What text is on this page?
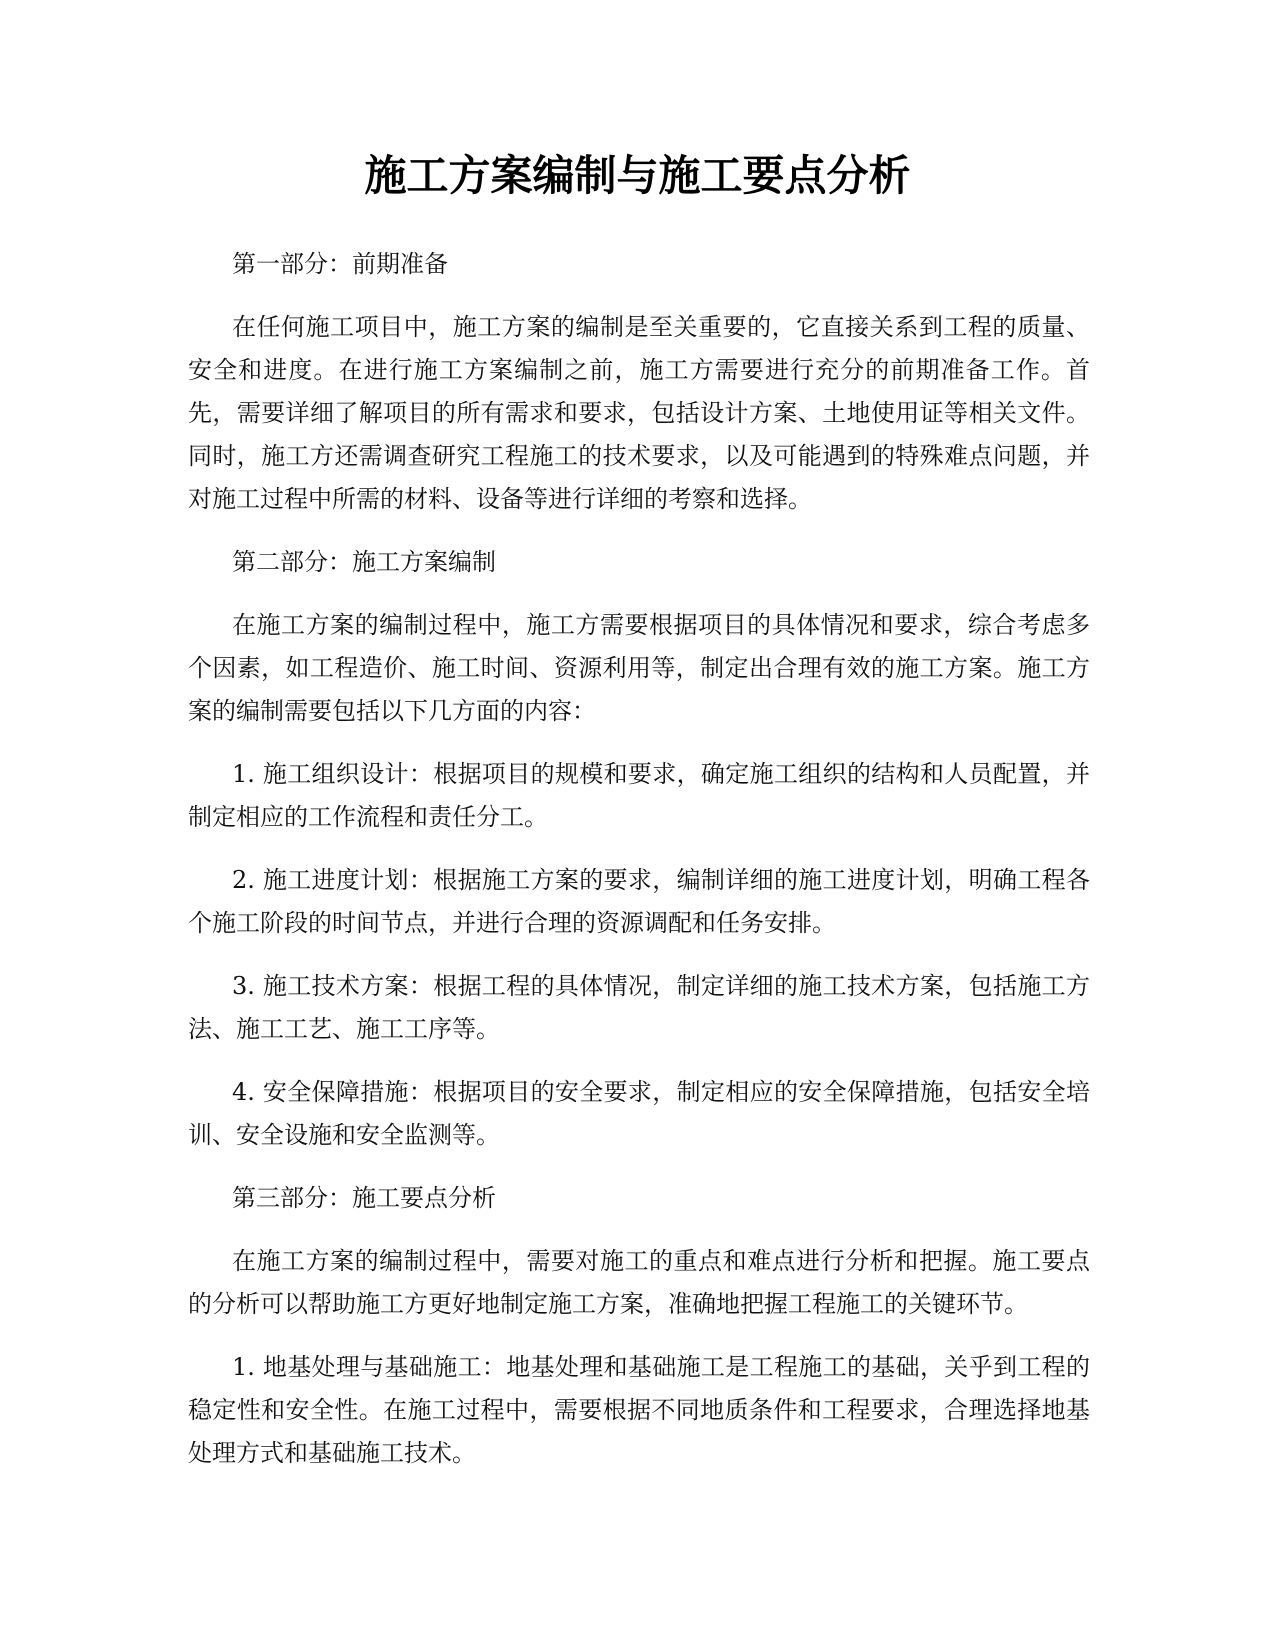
施工方案编制与施工要点分析

第一部分：前期准备

在任何施工项目中，施工方案的编制是至关重要的，它直接关系到工程的质量、安全和进度。在进行施工方案编制之前，施工方需要进行充分的前期准备工作。首先，需要详细了解项目的所有需求和要求，包括设计方案、土地使用证等相关文件。同时，施工方还需调查研究工程施工的技术要求，以及可能遇到的特殊难点问题，并对施工过程中所需的材料、设备等进行详细的考察和选择。

第二部分：施工方案编制

在施工方案的编制过程中，施工方需要根据项目的具体情况和要求，综合考虑多个因素，如工程造价、施工时间、资源利用等，制定出合理有效的施工方案。施工方案的编制需要包括以下几方面的内容：

1. 施工组织设计：根据项目的规模和要求，确定施工组织的结构和人员配置，并制定相应的工作流程和责任分工。

2. 施工进度计划：根据施工方案的要求，编制详细的施工进度计划，明确工程各个施工阶段的时间节点，并进行合理的资源调配和任务安排。

3. 施工技术方案：根据工程的具体情况，制定详细的施工技术方案，包括施工方法、施工工艺、施工工序等。

4. 安全保障措施：根据项目的安全要求，制定相应的安全保障措施，包括安全培训、安全设施和安全监测等。

第三部分：施工要点分析

在施工方案的编制过程中，需要对施工的重点和难点进行分析和把握。施工要点的分析可以帮助施工方更好地制定施工方案，准确地把握工程施工的关键环节。

1. 地基处理与基础施工：地基处理和基础施工是工程施工的基础，关乎到工程的稳定性和安全性。在施工过程中，需要根据不同地质条件和工程要求，合理选择地基处理方式和基础施工技术。
